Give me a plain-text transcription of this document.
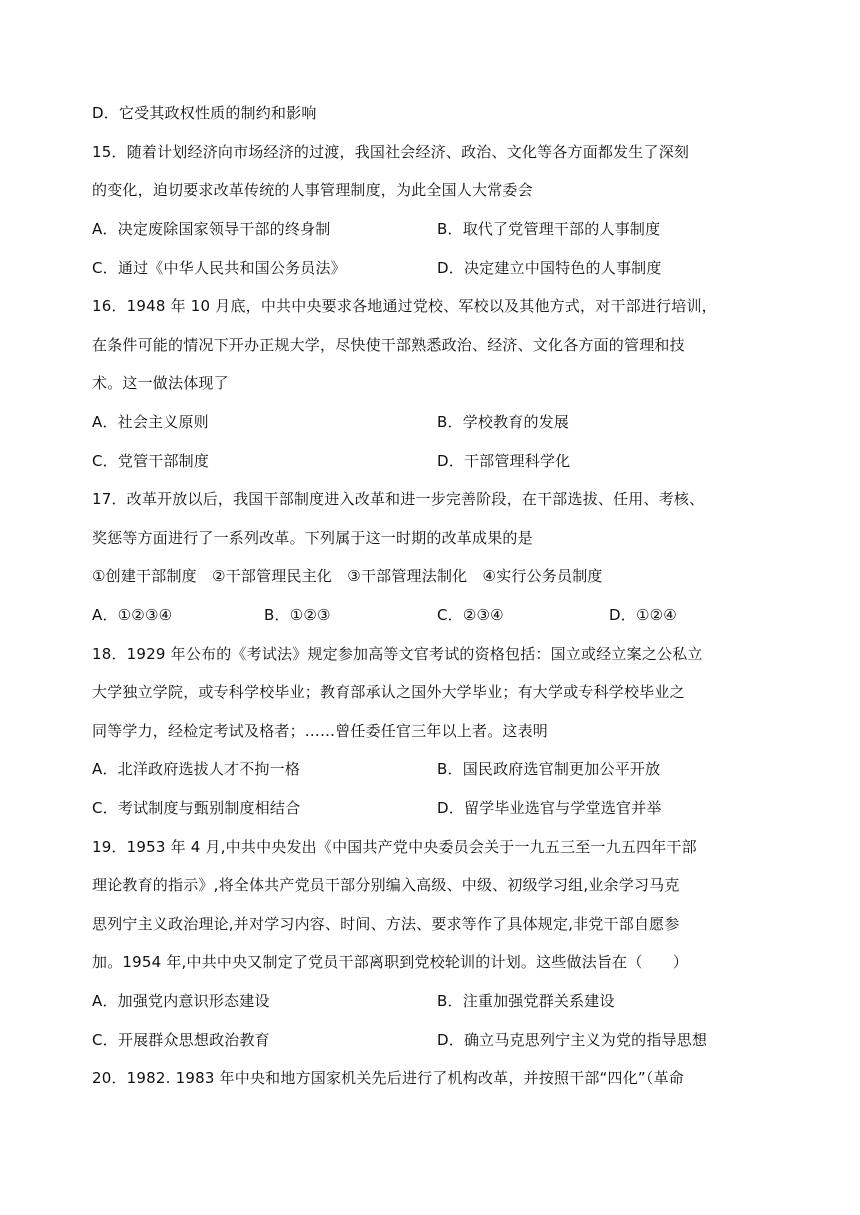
D．它受其政权性质的制约和影响
15．随着计划经济向市场经济的过渡，我国社会经济、政治、文化等各方面都发生了深刻
的变化，迫切要求改革传统的人事管理制度，为此全国人大常委会
A．决定废除国家领导干部的终身制	B．取代了党管理干部的人事制度
C．通过《中华人民共和国公务员法》	D．决定建立中国特色的人事制度
16．1948 年 10 月底，中共中央要求各地通过党校、军校以及其他方式，对干部进行培训，
在条件可能的情况下开办正规大学，尽快使干部熟悉政治、经济、文化各方面的管理和技
术。这一做法体现了
A．社会主义原则	B．学校教育的发展
C．党管干部制度	D．干部管理科学化
17．改革开放以后，我国干部制度进入改革和进一步完善阶段，在干部选拔、任用、考核、
奖惩等方面进行了一系列改革。下列属于这一时期的改革成果的是
①创建干部制度　②干部管理民主化　③干部管理法制化　④实行公务员制度
A．①②③④	B．①②③	C．②③④	D．①②④
18．1929 年公布的《考试法》规定参加高等文官考试的资格包括：国立或经立案之公私立
大学独立学院，或专科学校毕业；教育部承认之国外大学毕业；有大学或专科学校毕业之
同等学力，经检定考试及格者；……曾任委任官三年以上者。这表明
A．北洋政府选拔人才不拘一格	B．国民政府选官制更加公平开放
C．考试制度与甄别制度相结合	D．留学毕业选官与学堂选官并举
19．1953 年 4 月,中共中央发出《中国共产党中央委员会关于一九五三至一九五四年干部
理论教育的指示》,将全体共产党员干部分别编入高级、中级、初级学习组,业余学习马克
思列宁主义政治理论,并对学习内容、时间、方法、要求等作了具体规定,非党干部自愿参
加。1954 年,中共中央又制定了党员干部离职到党校轮训的计划。这些做法旨在（　　）
A．加强党内意识形态建设	B．注重加强党群关系建设
C．开展群众思想政治教育	D．确立马克思列宁主义为党的指导思想
20．1982. 1983 年中央和地方国家机关先后进行了机构改革，并按照干部“四化”（革命
